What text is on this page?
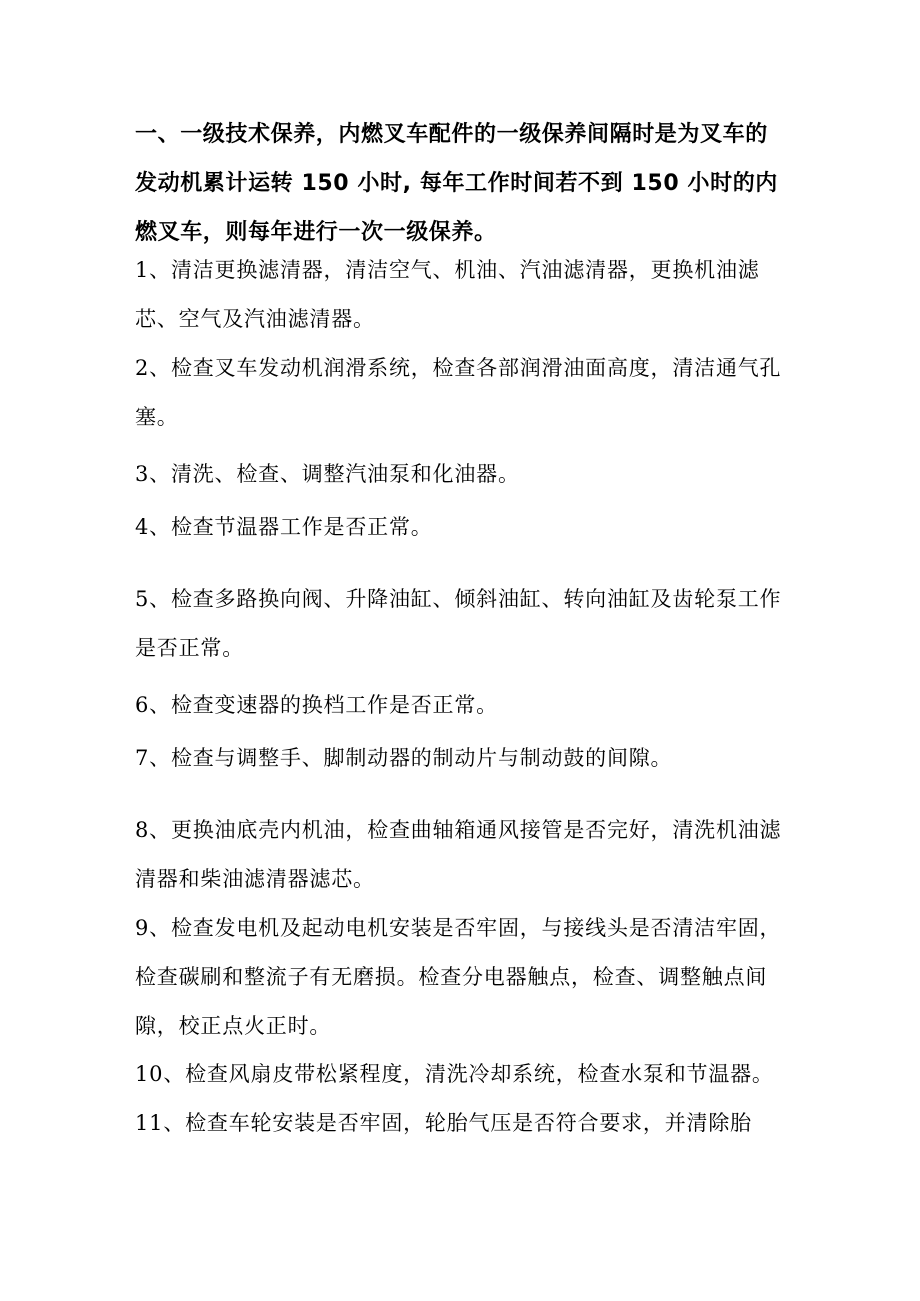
一、一级技术保养，内燃叉车配件的一级保养间隔时是为叉车的发动机累计运转 150 小时, 每年工作时间若不到 150 小时的内燃叉车，则每年进行一次一级保养。

1、清洁更换滤清器，清洁空气、机油、汽油滤清器，更换机油滤芯、空气及汽油滤清器。

2、检查叉车发动机润滑系统，检查各部润滑油面高度，清洁通气孔塞。

3、清洗、检查、调整汽油泵和化油器。

4、检查节温器工作是否正常。

5、检查多路换向阀、升降油缸、倾斜油缸、转向油缸及齿轮泵工作是否正常。

6、检查变速器的换档工作是否正常。

7、检查与调整手、脚制动器的制动片与制动鼓的间隙。

8、更换油底壳内机油，检查曲轴箱通风接管是否完好，清洗机油滤清器和柴油滤清器滤芯。

9、检查发电机及起动电机安装是否牢固，与接线头是否清洁牢固，检查碳刷和整流子有无磨损。检查分电器触点，检查、调整触点间隙，校正点火正时。

10、检查风扇皮带松紧程度，清洗冷却系统，检查水泵和节温器。

11、检查车轮安装是否牢固，轮胎气压是否符合要求，并清除胎
